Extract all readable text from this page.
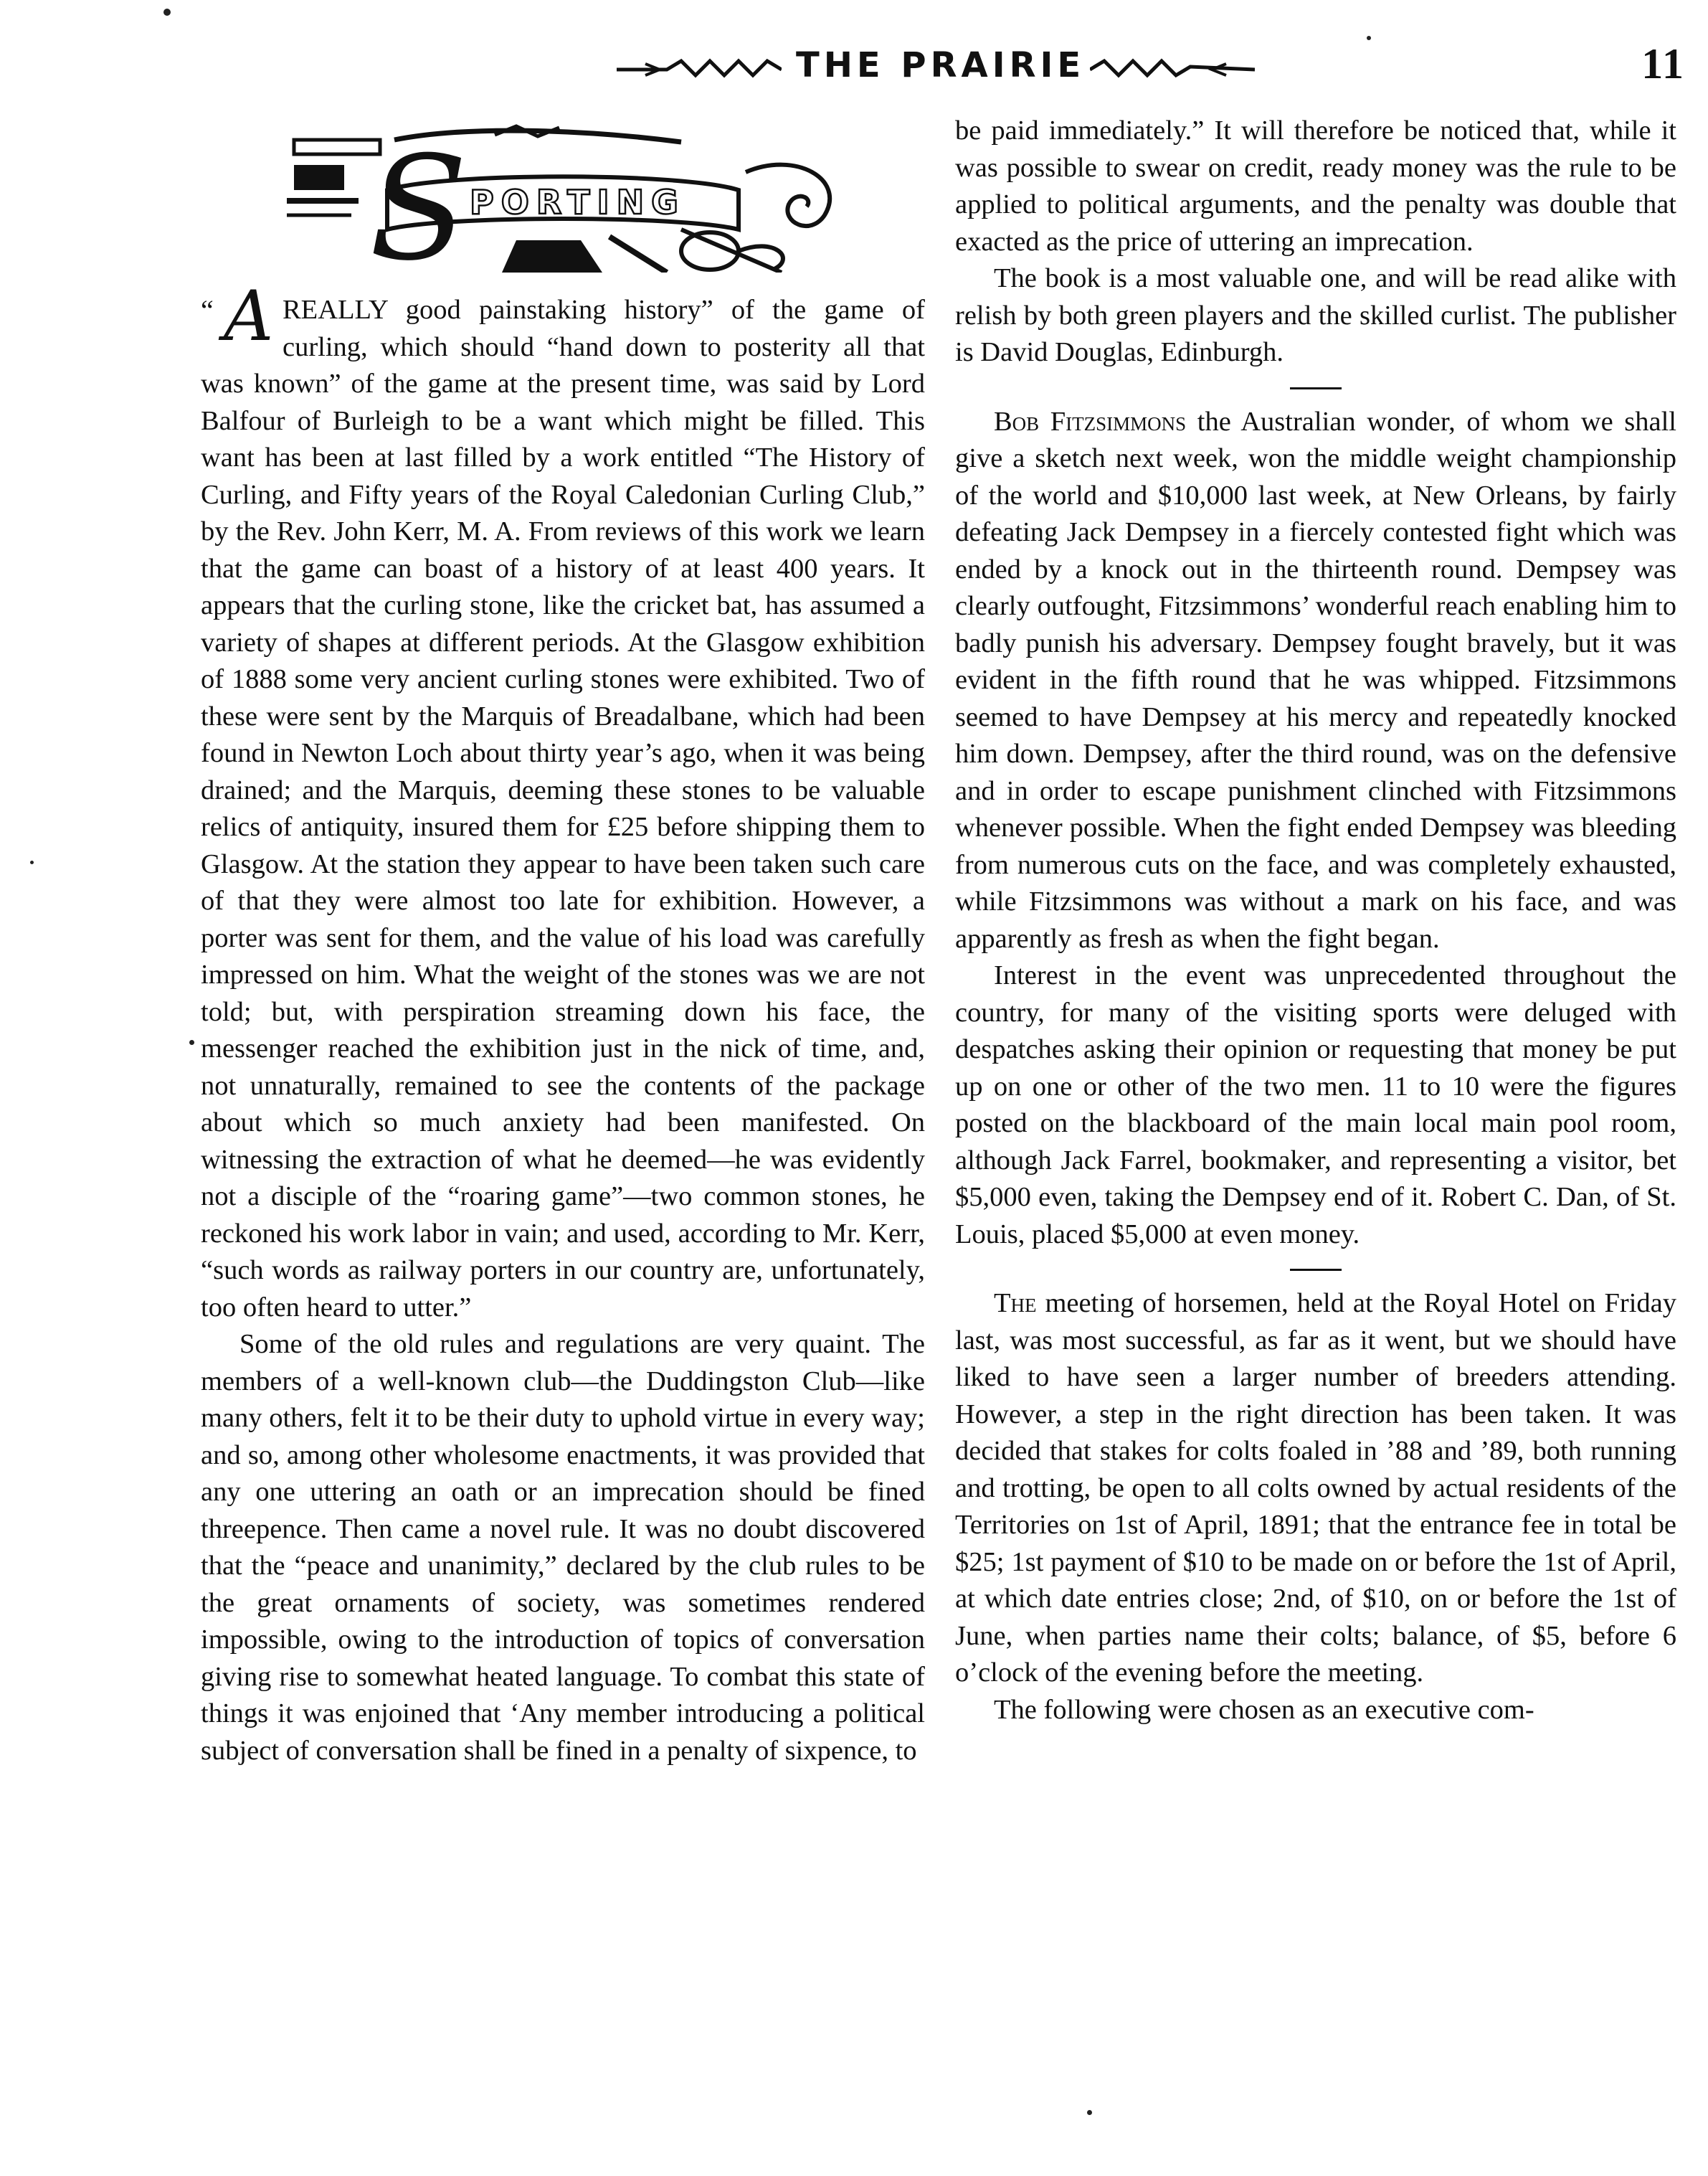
THE PRAIRIE	11
S PORTING

“ A REALLY good painstaking history” of the game of curling, which should “hand down to posterity all that was known” of the game at the present time, was said by Lord Balfour of Burleigh to be a want which might be filled. This want has been at last filled by a work entitled “The History of Curling, and Fifty years of the Royal Caledonian Curling Club,” by the Rev. John Kerr, M. A. From reviews of this work we learn that the game can boast of a history of at least 400 years. It appears that the curling stone, like the cricket bat, has assumed a variety of shapes at different periods. At the Glasgow exhibition of 1888 some very ancient curling stones were exhibited. Two of these were sent by the Marquis of Breadalbane, which had been found in Newton Loch about thirty year’s ago, when it was being drained; and the Marquis, deeming these stones to be valuable relics of antiquity, insured them for £25 before shipping them to Glasgow. At the station they appear to have been taken such care of that they were almost too late for exhibition. However, a porter was sent for them, and the value of his load was carefully impressed on him. What the weight of the stones was we are not told; but, with perspiration streaming down his face, the messenger reached the exhibition just in the nick of time, and, not unnaturally, remained to see the contents of the package about which so much anxiety had been manifested. On witnessing the extraction of what he deemed—he was evidently not a disciple of the “roaring game”—two common stones, he reckoned his work labor in vain; and used, according to Mr. Kerr, “such words as railway porters in our country are, unfortunately, too often heard to utter.”

Some of the old rules and regulations are very quaint. The members of a well-known club—the Duddingston Club—like many others, felt it to be their duty to uphold virtue in every way; and so, among other wholesome enactments, it was provided that any one uttering an oath or an imprecation should be fined threepence. Then came a novel rule. It was no doubt discovered that the “peace and unanimity,” declared by the club rules to be the great ornaments of society, was sometimes rendered impossible, owing to the introduction of topics of conversation giving rise to somewhat heated language. To combat this state of things it was enjoined that ‘Any member introducing a political subject of conversation shall be fined in a penalty of sixpence, to

be paid immediately.” It will therefore be noticed that, while it was possible to swear on credit, ready money was the rule to be applied to political arguments, and the penalty was double that exacted as the price of uttering an imprecation.

The book is a most valuable one, and will be read alike with relish by both green players and the skilled curlist. The publisher is David Douglas, Edinburgh.

Bob Fitzsimmons the Australian wonder, of whom we shall give a sketch next week, won the middle weight championship of the world and $10,000 last week, at New Orleans, by fairly defeating Jack Dempsey in a fiercely contested fight which was ended by a knock out in the thirteenth round. Dempsey was clearly outfought, Fitzsimmons’ wonderful reach enabling him to badly punish his adversary. Dempsey fought bravely, but it was evident in the fifth round that he was whipped. Fitzsimmons seemed to have Dempsey at his mercy and repeatedly knocked him down. Dempsey, after the third round, was on the defensive and in order to escape punishment clinched with Fitzsimmons whenever possible. When the fight ended Dempsey was bleeding from numerous cuts on the face, and was completely exhausted, while Fitzsimmons was without a mark on his face, and was apparently as fresh as when the fight began.

Interest in the event was unprecedented throughout the country, for many of the visiting sports were deluged with despatches asking their opinion or requesting that money be put up on one or other of the two men. 11 to 10 were the figures posted on the blackboard of the main local main pool room, although Jack Farrel, bookmaker, and representing a visitor, bet $5,000 even, taking the Dempsey end of it. Robert C. Dan, of St. Louis, placed $5,000 at even money.

The meeting of horsemen, held at the Royal Hotel on Friday last, was most successful, as far as it went, but we should have liked to have seen a larger number of breeders attending. However, a step in the right direction has been taken. It was decided that stakes for colts foaled in ’88 and ’89, both running and trotting, be open to all colts owned by actual residents of the Territories on 1st of April, 1891; that the entrance fee in total be $25; 1st payment of $10 to be made on or before the 1st of April, at which date entries close; 2nd, of $10, on or before the 1st of June, when parties name their colts; balance, of $5, before 6 o’clock of the evening before the meeting.

The following were chosen as an executive com-
